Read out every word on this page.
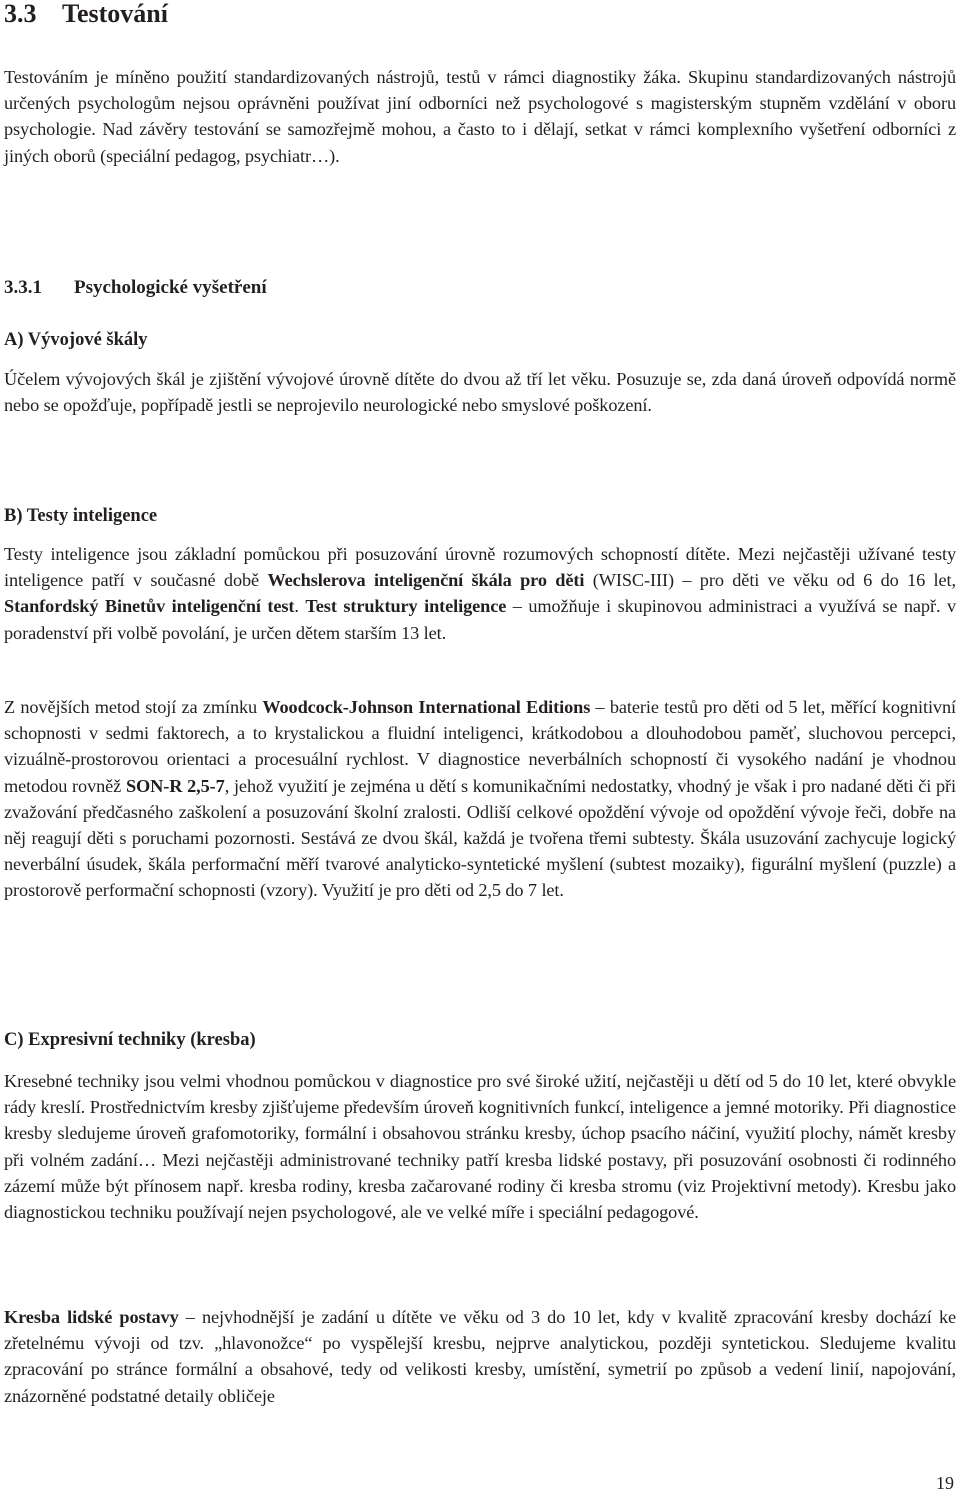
3.3 Testování

Testováním je míněno použití standardizovaných nástrojů, testů v rámci diagnostiky žáka. Skupinu standardizovaných nástrojů určených psychologům nejsou oprávněni používat jiní odborníci než psychologové s magisterským stupněm vzdělání v oboru psychologie. Nad závěry testování se samozřejmě mohou, a často to i dělají, setkat v rámci komplexního vyšetření odborníci z jiných oborů (speciální pedagog, psychiatr…).

3.3.1 Psychologické vyšetření
A) Vývojové škály

Účelem vývojových škál je zjištění vývojové úrovně dítěte do dvou až tří let věku. Posuzuje se, zda daná úroveň odpovídá normě nebo se opožďuje, popřípadě jestli se neprojevilo neurologické nebo smyslové poškození.

B) Testy inteligence

Testy inteligence jsou základní pomůckou při posuzování úrovně rozumových schopností dítěte. Mezi nejčastěji užívané testy inteligence patří v současné době Wechslerova inteligenční škála pro děti (WISC-III) – pro děti ve věku od 6 do 16 let, Stanfordský Binetův inteligenční test. Test struktury inteligence – umožňuje i skupinovou administraci a využívá se např. v poradenství při volbě povolání, je určen dětem starším 13 let.

Z novějších metod stojí za zmínku Woodcock-Johnson International Editions – baterie testů pro děti od 5 let, měřící kognitivní schopnosti v sedmi faktorech, a to krystalickou a fluidní inteligenci, krátkodobou a dlouhodobou paměť, sluchovou percepci, vizuálně-prostorovou orientaci a procesuální rychlost. V diagnostice neverbálních schopností či vysokého nadání je vhodnou metodou rovněž SON-R 2,5-7, jehož využití je zejména u dětí s komunikačními nedostatky, vhodný je však i pro nadané děti či při zvažování předčasného zaškolení a posuzování školní zralosti. Odliší celkové opoždění vývoje od opoždění vývoje řeči, dobře na něj reagují děti s poruchami pozornosti. Sestává ze dvou škál, každá je tvořena třemi subtesty. Škála usuzování zachycuje logický neverbální úsudek, škála performační měří tvarové analyticko-syntetické myšlení (subtest mozaiky), figurální myšlení (puzzle) a prostorově performační schopnosti (vzory). Využití je pro děti od 2,5 do 7 let.

C) Expresivní techniky (kresba)

Kresebné techniky jsou velmi vhodnou pomůckou v diagnostice pro své široké užití, nejčastěji u dětí od 5 do 10 let, které obvykle rády kreslí. Prostřednictvím kresby zjišťujeme především úroveň kognitivních funkcí, inteligence a jemné motoriky. Při diagnostice kresby sledujeme úroveň grafomotoriky, formální i obsahovou stránku kresby, úchop psacího náčiní, využití plochy, námět kresby při volném zadání… Mezi nejčastěji administrované techniky patří kresba lidské postavy, při posuzování osobnosti či rodinného zázemí může být přínosem např. kresba rodiny, kresba začarované rodiny či kresba stromu (viz Projektivní metody). Kresbu jako diagnostickou techniku používají nejen psychologové, ale ve velké míře i speciální pedagogové.

Kresba lidské postavy – nejvhodnější je zadání u dítěte ve věku od 3 do 10 let, kdy v kvalitě zpracování kresby dochází ke zřetelnému vývoji od tzv. „hlavonožce“ po vyspělejší kresbu, nejprve analytickou, později syntetickou. Sledujeme kvalitu zpracování po stránce formální a obsahové, tedy od velikosti kresby, umístění, symetrií po způsob a vedení linií, napojování, znázorněné podstatné detaily obličeje

19
